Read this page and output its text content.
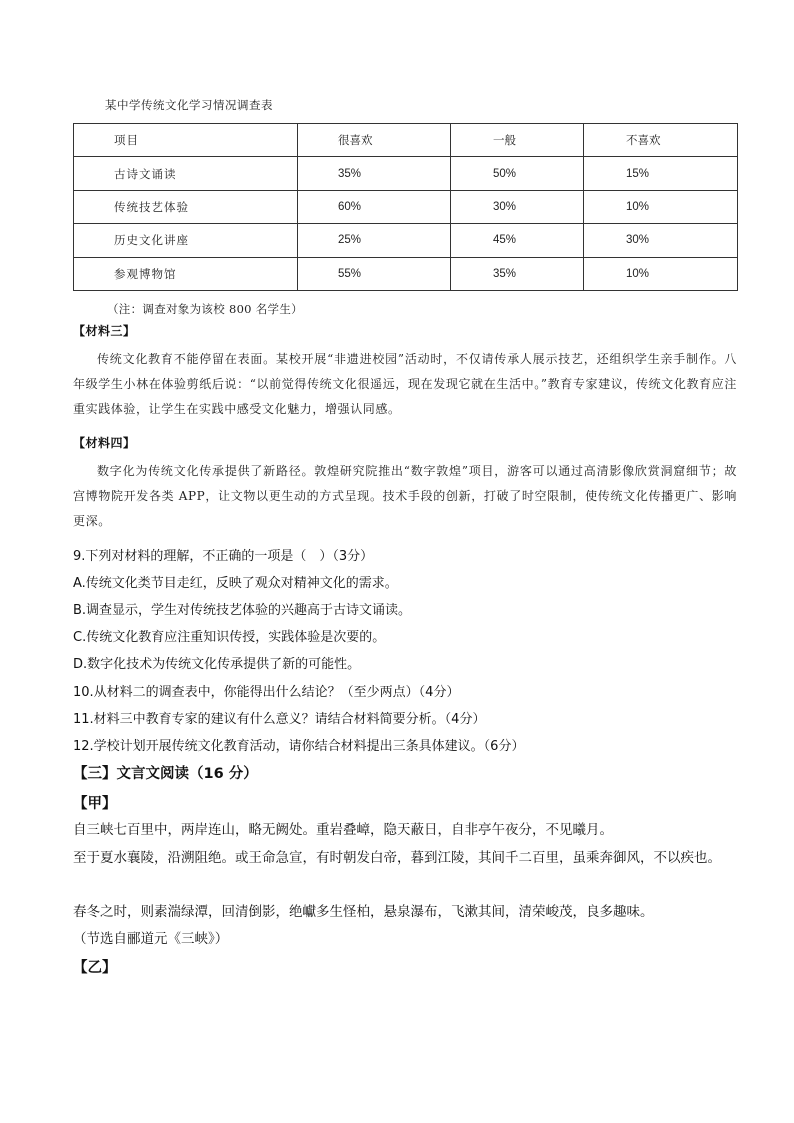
某中学传统文化学习情况调查表
项目	很喜欢	一般	不喜欢
古诗文诵读	35%	50%	15%
传统技艺体验	60%	30%	10%
历史文化讲座	25%	45%	30%
参观博物馆	55%	35%	10%
（注：调查对象为该校 800 名学生）
【材料三】
传统文化教育不能停留在表面。某校开展“非遗进校园”活动时，不仅请传承人展示技艺，还组织学生亲手制作。八年级学生小林在体验剪纸后说：“以前觉得传统文化很遥远，现在发现它就在生活中。”教育专家建议，传统文化教育应注重实践体验，让学生在实践中感受文化魅力，增强认同感。
【材料四】
数字化为传统文化传承提供了新路径。敦煌研究院推出“数字敦煌”项目，游客可以通过高清影像欣赏洞窟细节；故宫博物院开发各类 APP，让文物以更生动的方式呈现。技术手段的创新，打破了时空限制，使传统文化传播更广、影响更深。
9.下列对材料的理解，不正确的一项是（　）（3分）
A.传统文化类节目走红，反映了观众对精神文化的需求。
B.调查显示，学生对传统技艺体验的兴趣高于古诗文诵读。
C.传统文化教育应注重知识传授，实践体验是次要的。
D.数字化技术为传统文化传承提供了新的可能性。
10.从材料二的调查表中，你能得出什么结论？（至少两点）（4分）
11.材料三中教育专家的建议有什么意义？请结合材料简要分析。（4分）
12.学校计划开展传统文化教育活动，请你结合材料提出三条具体建议。（6分）
【三】文言文阅读（16 分）
【甲】
自三峡七百里中，两岸连山，略无阙处。重岩叠嶂，隐天蔽日，自非亭午夜分，不见曦月。
至于夏水襄陵，沿溯阻绝。或王命急宣，有时朝发白帝，暮到江陵，其间千二百里，虽乘奔御风，不以疾也。
春冬之时，则素湍绿潭，回清倒影，绝巘多生怪柏，悬泉瀑布，飞漱其间，清荣峻茂，良多趣味。
（节选自郦道元《三峡》）
【乙】
